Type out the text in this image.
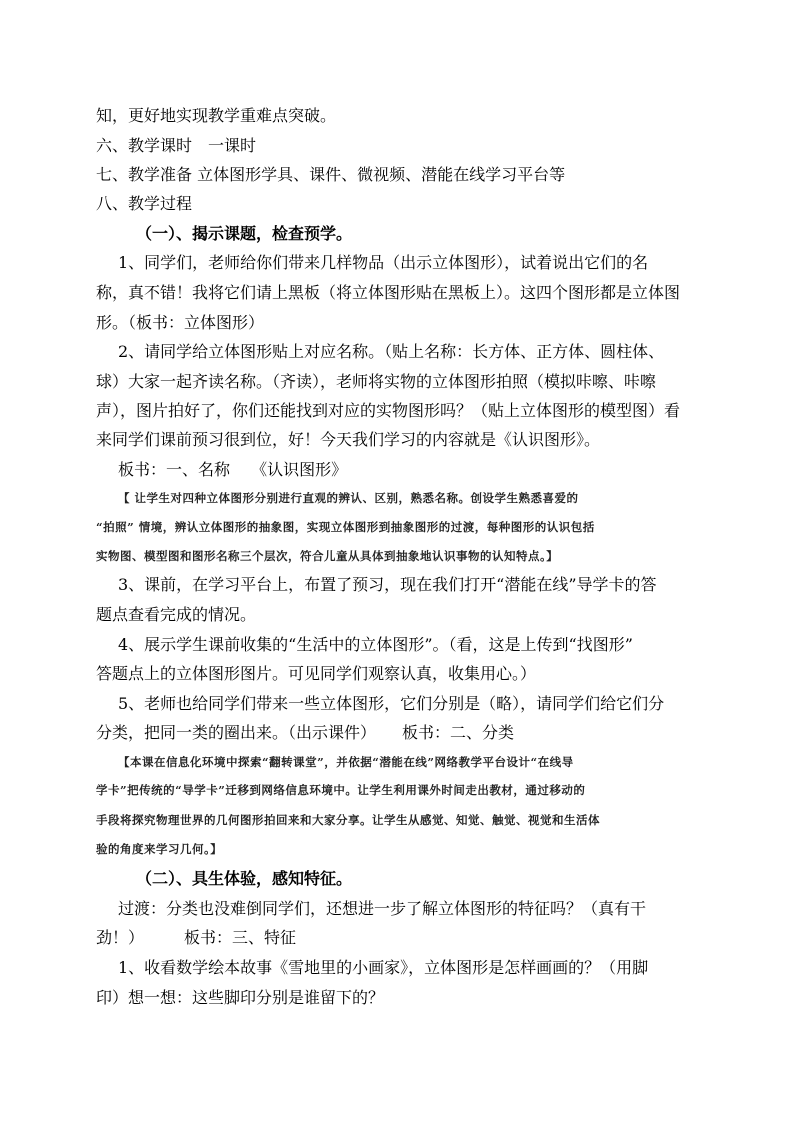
知，更好地实现教学重难点突破。
六、教学课时　一课时
七、教学准备 立体图形学具、课件、微视频、潜能在线学习平台等
八、教学过程
（一）、揭示课题，检查预学。
1、同学们，老师给你们带来几样物品（出示立体图形），试着说出它们的名
称，真不错！我将它们请上黑板（将立体图形贴在黑板上）。这四个图形都是立体图
形。（板书：立体图形）
2、请同学给立体图形贴上对应名称。（贴上名称：长方体、正方体、圆柱体、
球）大家一起齐读名称。（齐读），老师将实物的立体图形拍照（模拟咔嚓、咔嚓
声），图片拍好了，你们还能找到对应的实物图形吗？（贴上立体图形的模型图）看
来同学们课前预习很到位，好！今天我们学习的内容就是《认识图形》。
板书：一、名称　 《认识图形》
【 让学生对四种立体图形分别进行直观的辨认、区别，熟悉名称。创设学生熟悉喜爱的
“拍照” 情境，辨认立体图形的抽象图，实现立体图形到抽象图形的过渡，每种图形的认识包括
实物图、模型图和图形名称三个层次，符合儿童从具体到抽象地认识事物的认知特点。】
3、课前，在学习平台上，布置了预习，现在我们打开“潜能在线”导学卡的答
题点查看完成的情况。
4、展示学生课前收集的“生活中的立体图形”。（看，这是上传到“找图形”
答题点上的立体图形图片。可见同学们观察认真，收集用心。）
5、老师也给同学们带来一些立体图形，它们分别是（略），请同学们给它们分
分类，把同一类的圈出来。（出示课件） 板书：二、分类
【本课在信息化环境中探索“翻转课堂”，并依据“潜能在线”网络教学平台设计“在线导
学卡”把传统的“导学卡”迁移到网络信息环境中。让学生利用课外时间走出教材，通过移动的
手段将探究物理世界的几何图形拍回来和大家分享。让学生从感觉、知觉、触觉、视觉和生活体
验的角度来学习几何。】
（二）、具生体验，感知特征。
过渡：分类也没难倒同学们，还想进一步了解立体图形的特征吗？（真有干
劲！）	板书：三、特征
1、收看数学绘本故事《雪地里的小画家》，立体图形是怎样画画的？（用脚
印）想一想：这些脚印分别是谁留下的？
